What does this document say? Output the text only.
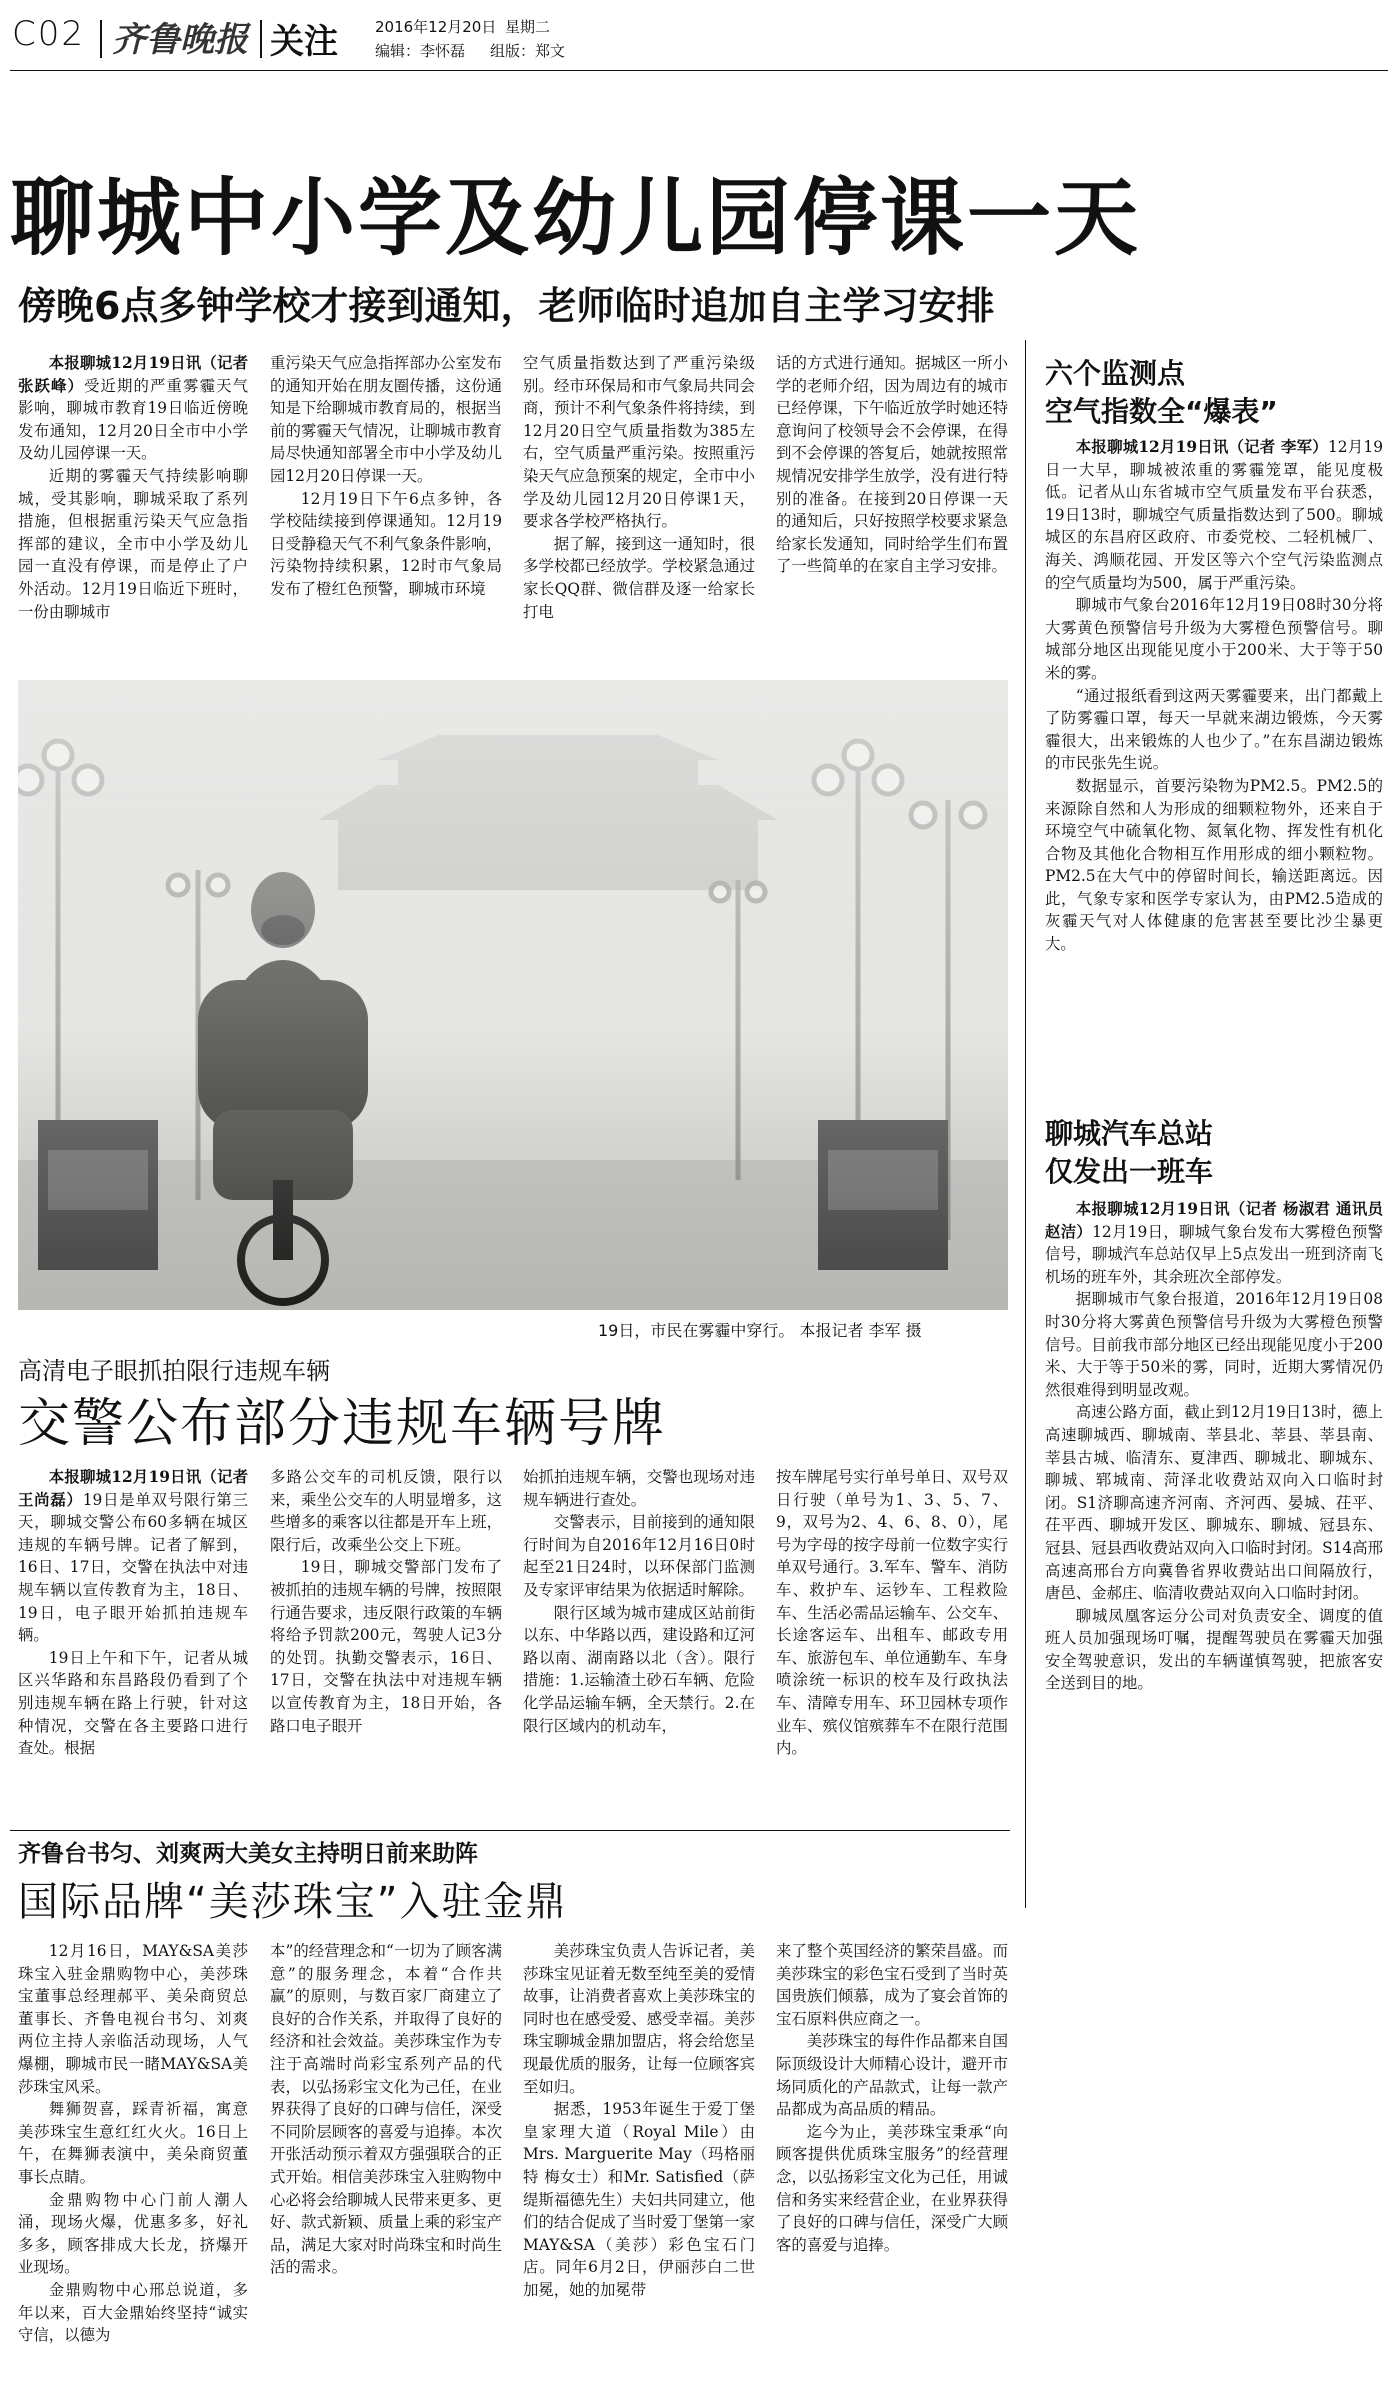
C02 齐鲁晚报 关注 2016年12月20日 星期二
编辑：李怀磊 组版：郑文
聊城中小学及幼儿园停课一天
傍晚6点多钟学校才接到通知，老师临时追加自主学习安排

本报聊城12月19日讯（记者 张跃峰）受近期的严重雾霾天气影响，聊城市教育19日临近傍晚发布通知，12月20日全市中小学及幼儿园停课一天。

近期的雾霾天气持续影响聊城，受其影响，聊城采取了系列措施，但根据重污染天气应急指挥部的建议，全市中小学及幼儿园一直没有停课，而是停止了户外活动。12月19日临近下班时，一份由聊城市

重污染天气应急指挥部办公室发布的通知开始在朋友圈传播，这份通知是下给聊城市教育局的，根据当前的雾霾天气情况，让聊城市教育局尽快通知部署全市中小学及幼儿园12月20日停课一天。

12月19日下午6点多钟，各学校陆续接到停课通知。12月19日受静稳天气不利气象条件影响，污染物持续积累，12时市气象局发布了橙红色预警，聊城市环境

空气质量指数达到了严重污染级别。经市环保局和市气象局共同会商，预计不利气象条件将持续，到12月20日空气质量指数为385左右，空气质量严重污染。按照重污染天气应急预案的规定，全市中小学及幼儿园12月20日停课1天，要求各学校严格执行。

据了解，接到这一通知时，很多学校都已经放学。学校紧急通过家长QQ群、微信群及逐一给家长打电

话的方式进行通知。据城区一所小学的老师介绍，因为周边有的城市已经停课，下午临近放学时她还特意询问了校领导会不会停课，在得到不会停课的答复后，她就按照常规情况安排学生放学，没有进行特别的准备。在接到20日停课一天的通知后，只好按照学校要求紧急给家长发通知，同时给学生们布置了一些简单的在家自主学习安排。

19日，市民在雾霾中穿行。 本报记者 李军 摄
六个监测点
空气指数全“爆表”

本报聊城12月19日讯（记者 李军）12月19日一大早，聊城被浓重的雾霾笼罩，能见度极低。记者从山东省城市空气质量发布平台获悉，19日13时，聊城空气质量指数达到了500。聊城城区的东昌府区政府、市委党校、二轻机械厂、海关、鸿顺花园、开发区等六个空气污染监测点的空气质量均为500，属于严重污染。

聊城市气象台2016年12月19日08时30分将大雾黄色预警信号升级为大雾橙色预警信号。聊城部分地区出现能见度小于200米、大于等于50米的雾。

“通过报纸看到这两天雾霾要来，出门都戴上了防雾霾口罩，每天一早就来湖边锻炼，今天雾霾很大，出来锻炼的人也少了。”在东昌湖边锻炼的市民张先生说。

数据显示，首要污染物为PM2.5。PM2.5的来源除自然和人为形成的细颗粒物外，还来自于环境空气中硫氧化物、氮氧化物、挥发性有机化合物及其他化合物相互作用形成的细小颗粒物。PM2.5在大气中的停留时间长，输送距离远。因此，气象专家和医学专家认为，由PM2.5造成的灰霾天气对人体健康的危害甚至要比沙尘暴更大。

聊城汽车总站
仅发出一班车

本报聊城12月19日讯（记者 杨淑君 通讯员 赵洁）12月19日，聊城气象台发布大雾橙色预警信号，聊城汽车总站仅早上5点发出一班到济南飞机场的班车外，其余班次全部停发。

据聊城市气象台报道，2016年12月19日08时30分将大雾黄色预警信号升级为大雾橙色预警信号。目前我市部分地区已经出现能见度小于200米、大于等于50米的雾，同时，近期大雾情况仍然很难得到明显改观。

高速公路方面，截止到12月19日13时，德上高速聊城西、聊城南、莘县北、莘县、莘县南、莘县古城、临清东、夏津西、聊城北、聊城东、聊城、郓城南、菏泽北收费站双向入口临时封闭。S1济聊高速齐河南、齐河西、晏城、茌平、茌平西、聊城开发区、聊城东、聊城、冠县东、冠县、冠县西收费站双向入口临时封闭。S14高邢高速高邢台方向冀鲁省界收费站出口间隔放行，唐邑、金郝庄、临清收费站双向入口临时封闭。

聊城凤凰客运分公司对负责安全、调度的值班人员加强现场叮嘱，提醒驾驶员在雾霾天加强安全驾驶意识，发出的车辆谨慎驾驶，把旅客安全送到目的地。

高清电子眼抓拍限行违规车辆
交警公布部分违规车辆号牌

本报聊城12月19日讯（记者 王尚磊）19日是单双号限行第三天，聊城交警公布60多辆在城区违规的车辆号牌。记者了解到，16日、17日，交警在执法中对违规车辆以宣传教育为主，18日、19日，电子眼开始抓拍违规车辆。

19日上午和下午，记者从城区兴华路和东昌路段仍看到了个别违规车辆在路上行驶，针对这种情况，交警在各主要路口进行查处。根据

多路公交车的司机反馈，限行以来，乘坐公交车的人明显增多，这些增多的乘客以往都是开车上班，限行后，改乘坐公交上下班。

19日，聊城交警部门发布了被抓拍的违规车辆的号牌，按照限行通告要求，违反限行政策的车辆将给予罚款200元，驾驶人记3分的处罚。执勤交警表示，16日、17日，交警在执法中对违规车辆以宣传教育为主，18日开始，各路口电子眼开

始抓拍违规车辆，交警也现场对违规车辆进行查处。

交警表示，目前接到的通知限行时间为自2016年12月16日0时起至21日24时，以环保部门监测及专家评审结果为依据适时解除。

限行区域为城市建成区站前街以东、中华路以西，建设路和辽河路以南、湖南路以北（含）。限行措施：1.运输渣土砂石车辆、危险化学品运输车辆，全天禁行。2.在限行区域内的机动车，

按车牌尾号实行单号单日、双号双日行驶（单号为1、3、5、7、9，双号为2、4、6、8、0），尾号为字母的按字母前一位数字实行单双号通行。3.军车、警车、消防车、救护车、运钞车、工程救险车、生活必需品运输车、公交车、长途客运车、出租车、邮政专用车、旅游包车、单位通勤车、车身喷涂统一标识的校车及行政执法车、清障专用车、环卫园林专项作业车、殡仪馆殡葬车不在限行范围内。

齐鲁台书匀、刘爽两大美女主持明日前来助阵
国际品牌“美莎珠宝”入驻金鼎

12月16日，MAY&SA美莎珠宝入驻金鼎购物中心，美莎珠宝董事总经理郝平、美朵商贸总董事长、齐鲁电视台书匀、刘爽两位主持人亲临活动现场，人气爆棚，聊城市民一睹MAY&SA美莎珠宝风采。

舞狮贺喜，踩青祈福，寓意美莎珠宝生意红红火火。16日上午，在舞狮表演中，美朵商贸董事长点睛。

金鼎购物中心门前人潮人涌，现场火爆，优惠多多，好礼多多，顾客排成大长龙，挤爆开业现场。

金鼎购物中心邢总说道，多年以来，百大金鼎始终坚持“诚实守信，以德为

本”的经营理念和“一切为了顾客满意”的服务理念，本着“合作共赢”的原则，与数百家厂商建立了良好的合作关系，并取得了良好的经济和社会效益。美莎珠宝作为专注于高端时尚彩宝系列产品的代表，以弘扬彩宝文化为己任，在业界获得了良好的口碑与信任，深受不同阶层顾客的喜爱与追捧。本次开张活动预示着双方强强联合的正式开始。相信美莎珠宝入驻购物中心必将会给聊城人民带来更多、更好、款式新颖、质量上乘的彩宝产品，满足大家对时尚珠宝和时尚生活的需求。

美莎珠宝负责人告诉记者，美莎珠宝见证着无数至纯至美的爱情故事，让消费者喜欢上美莎珠宝的同时也在感受爱、感受幸福。美莎珠宝聊城金鼎加盟店，将会给您呈现最优质的服务，让每一位顾客宾至如归。

据悉，1953年诞生于爱丁堡皇家理大道（Royal Mile）由Mrs. Marguerite May（玛格丽特 梅女士）和Mr. Satisfied（萨缇斯福德先生）夫妇共同建立，他们的结合促成了当时爱丁堡第一家MAY&SA（美莎）彩色宝石门店。同年6月2日，伊丽莎白二世加冕，她的加冕带

来了整个英国经济的繁荣昌盛。而美莎珠宝的彩色宝石受到了当时英国贵族们倾慕，成为了宴会首饰的宝石原料供应商之一。

美莎珠宝的每件作品都来自国际顶级设计大师精心设计，避开市场同质化的产品款式，让每一款产品都成为高品质的精品。

迄今为止，美莎珠宝秉承“向顾客提供优质珠宝服务”的经营理念，以弘扬彩宝文化为己任，用诚信和务实来经营企业，在业界获得了良好的口碑与信任，深受广大顾客的喜爱与追捧。
